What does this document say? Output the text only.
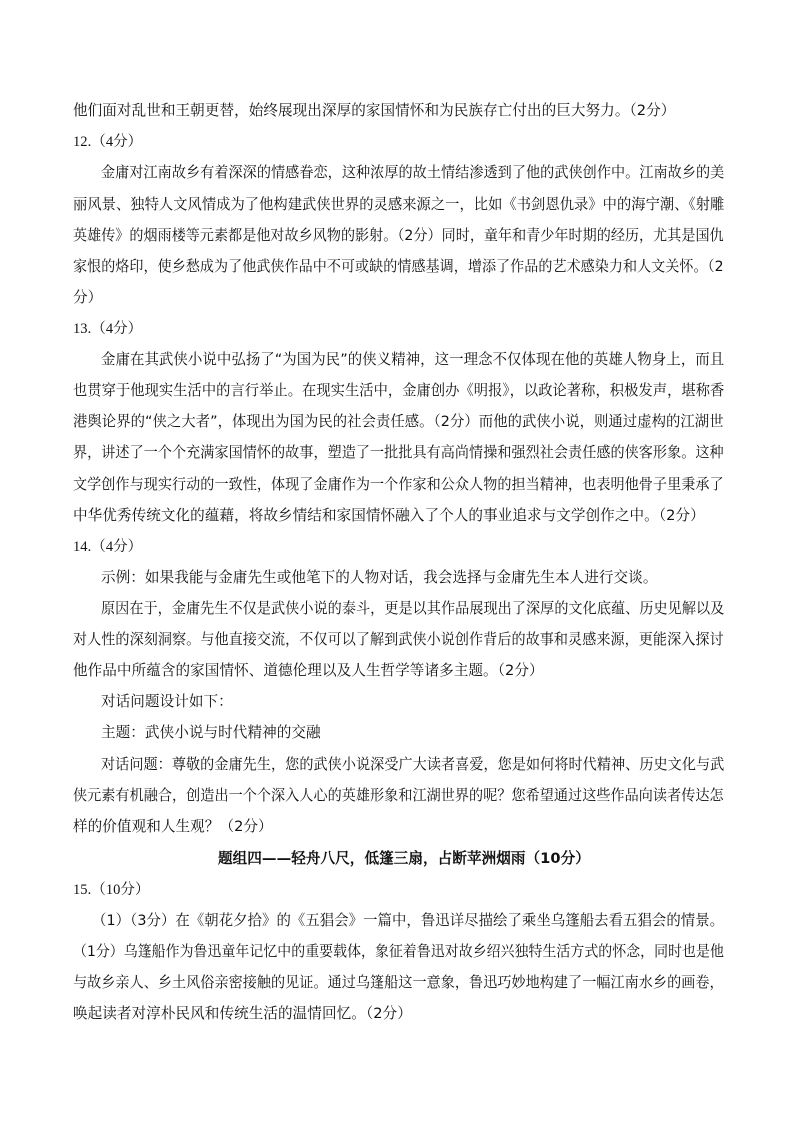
他们面对乱世和王朝更替，始终展现出深厚的家国情怀和为民族存亡付出的巨大努力。（2分）
12.（4分）
金庸对江南故乡有着深深的情感眷恋，这种浓厚的故土情结渗透到了他的武侠创作中。江南故乡的美
丽风景、独特人文风情成为了他构建武侠世界的灵感来源之一，比如《书剑恩仇录》中的海宁潮、《射雕
英雄传》的烟雨楼等元素都是他对故乡风物的影射。（2分）同时，童年和青少年时期的经历，尤其是国仇
家恨的烙印，使乡愁成为了他武侠作品中不可或缺的情感基调，增添了作品的艺术感染力和人文关怀。（2
分）
13.（4分）
金庸在其武侠小说中弘扬了“为国为民”的侠义精神，这一理念不仅体现在他的英雄人物身上，而且
也贯穿于他现实生活中的言行举止。在现实生活中，金庸创办《明报》，以政论著称，积极发声，堪称香
港舆论界的“侠之大者”，体现出为国为民的社会责任感。（2分）而他的武侠小说，则通过虚构的江湖世
界，讲述了一个个充满家国情怀的故事，塑造了一批批具有高尚情操和强烈社会责任感的侠客形象。这种
文学创作与现实行动的一致性，体现了金庸作为一个作家和公众人物的担当精神，也表明他骨子里秉承了
中华优秀传统文化的蕴藉，将故乡情结和家国情怀融入了个人的事业追求与文学创作之中。（2分）
14.（4分）
示例：如果我能与金庸先生或他笔下的人物对话，我会选择与金庸先生本人进行交谈。
原因在于，金庸先生不仅是武侠小说的泰斗，更是以其作品展现出了深厚的文化底蕴、历史见解以及
对人性的深刻洞察。与他直接交流，不仅可以了解到武侠小说创作背后的故事和灵感来源，更能深入探讨
他作品中所蕴含的家国情怀、道德伦理以及人生哲学等诸多主题。（2分）
对话问题设计如下：
主题：武侠小说与时代精神的交融
对话问题：尊敬的金庸先生，您的武侠小说深受广大读者喜爱，您是如何将时代精神、历史文化与武
侠元素有机融合，创造出一个个深入人心的英雄形象和江湖世界的呢？您希望通过这些作品向读者传达怎
样的价值观和人生观？（2分）
题组四——轻舟八尺，低篷三扇，占断苹洲烟雨（10分）
15.（10分）
（1）（3分）在《朝花夕拾》的《五猖会》一篇中，鲁迅详尽描绘了乘坐乌篷船去看五猖会的情景。
（1分）乌篷船作为鲁迅童年记忆中的重要载体，象征着鲁迅对故乡绍兴独特生活方式的怀念，同时也是他
与故乡亲人、乡土风俗亲密接触的见证。通过乌篷船这一意象，鲁迅巧妙地构建了一幅江南水乡的画卷，
唤起读者对淳朴民风和传统生活的温情回忆。（2分）
